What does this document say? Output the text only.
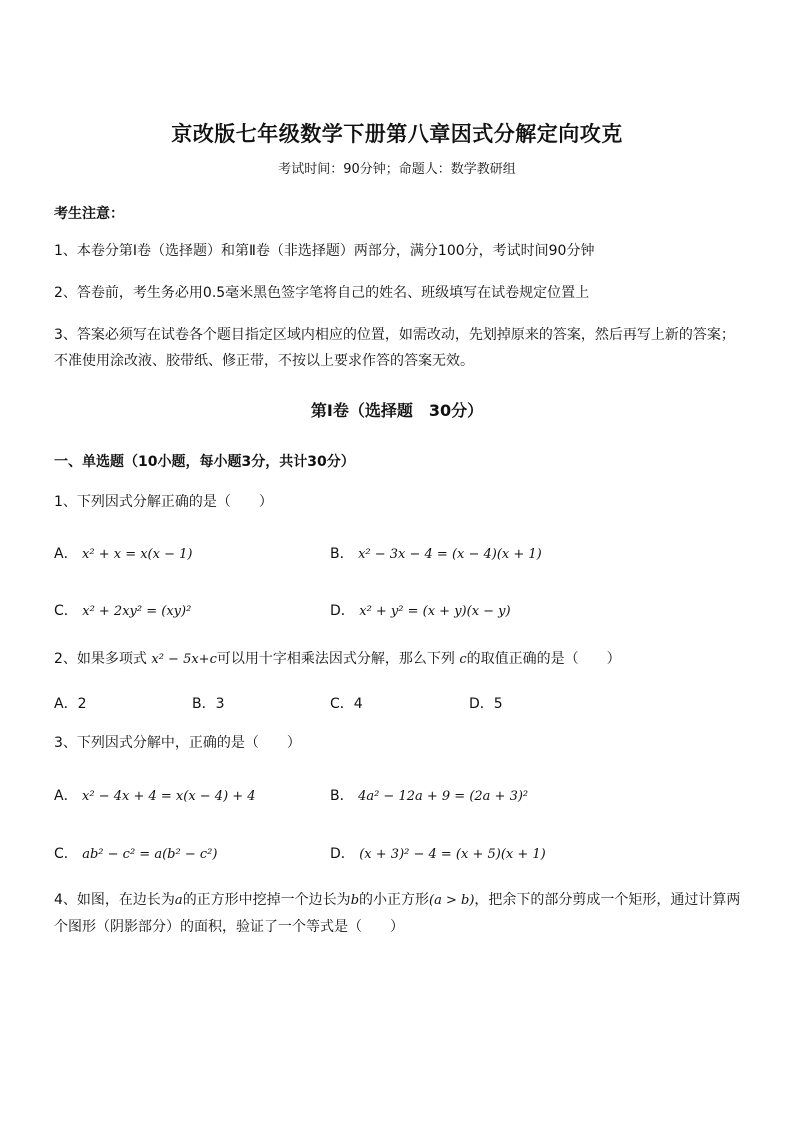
京改版七年级数学下册第八章因式分解定向攻克
考试时间：90分钟；命题人：数学教研组
考生注意：
1、本卷分第Ⅰ卷（选择题）和第Ⅱ卷（非选择题）两部分，满分100分，考试时间90分钟
2、答卷前，考生务必用0.5毫米黑色签字笔将自己的姓名、班级填写在试卷规定位置上
3、答案必须写在试卷各个题目指定区域内相应的位置，如需改动，先划掉原来的答案，然后再写上新的答案；不准使用涂改液、胶带纸、修正带，不按以上要求作答的答案无效。
第Ⅰ卷（选择题　30分）
一、单选题（10小题，每小题3分，共计30分）
1、下列因式分解正确的是（　　）
A． x² + x = x(x − 1)	B． x² − 3x − 4 = (x − 4)(x + 1)
C． x² + 2xy² = (xy)²	D． x² + y² = (x + y)(x − y)
2、如果多项式 x² − 5x+c可以用十字相乘法因式分解，那么下列 c的取值正确的是（　　）
A．2	B．3	C．4	D．5
3、下列因式分解中，正确的是（　　）
A． x² − 4x + 4 = x(x − 4) + 4	B． 4a² − 12a + 9 = (2a + 3)²
C． ab² − c² = a(b² − c²)	D． (x + 3)² − 4 = (x + 5)(x + 1)
4、如图，在边长为a的正方形中挖掉一个边长为b的小正方形(a > b)，把余下的部分剪成一个矩形，通过计算两个图形（阴影部分）的面积，验证了一个等式是（　　）
